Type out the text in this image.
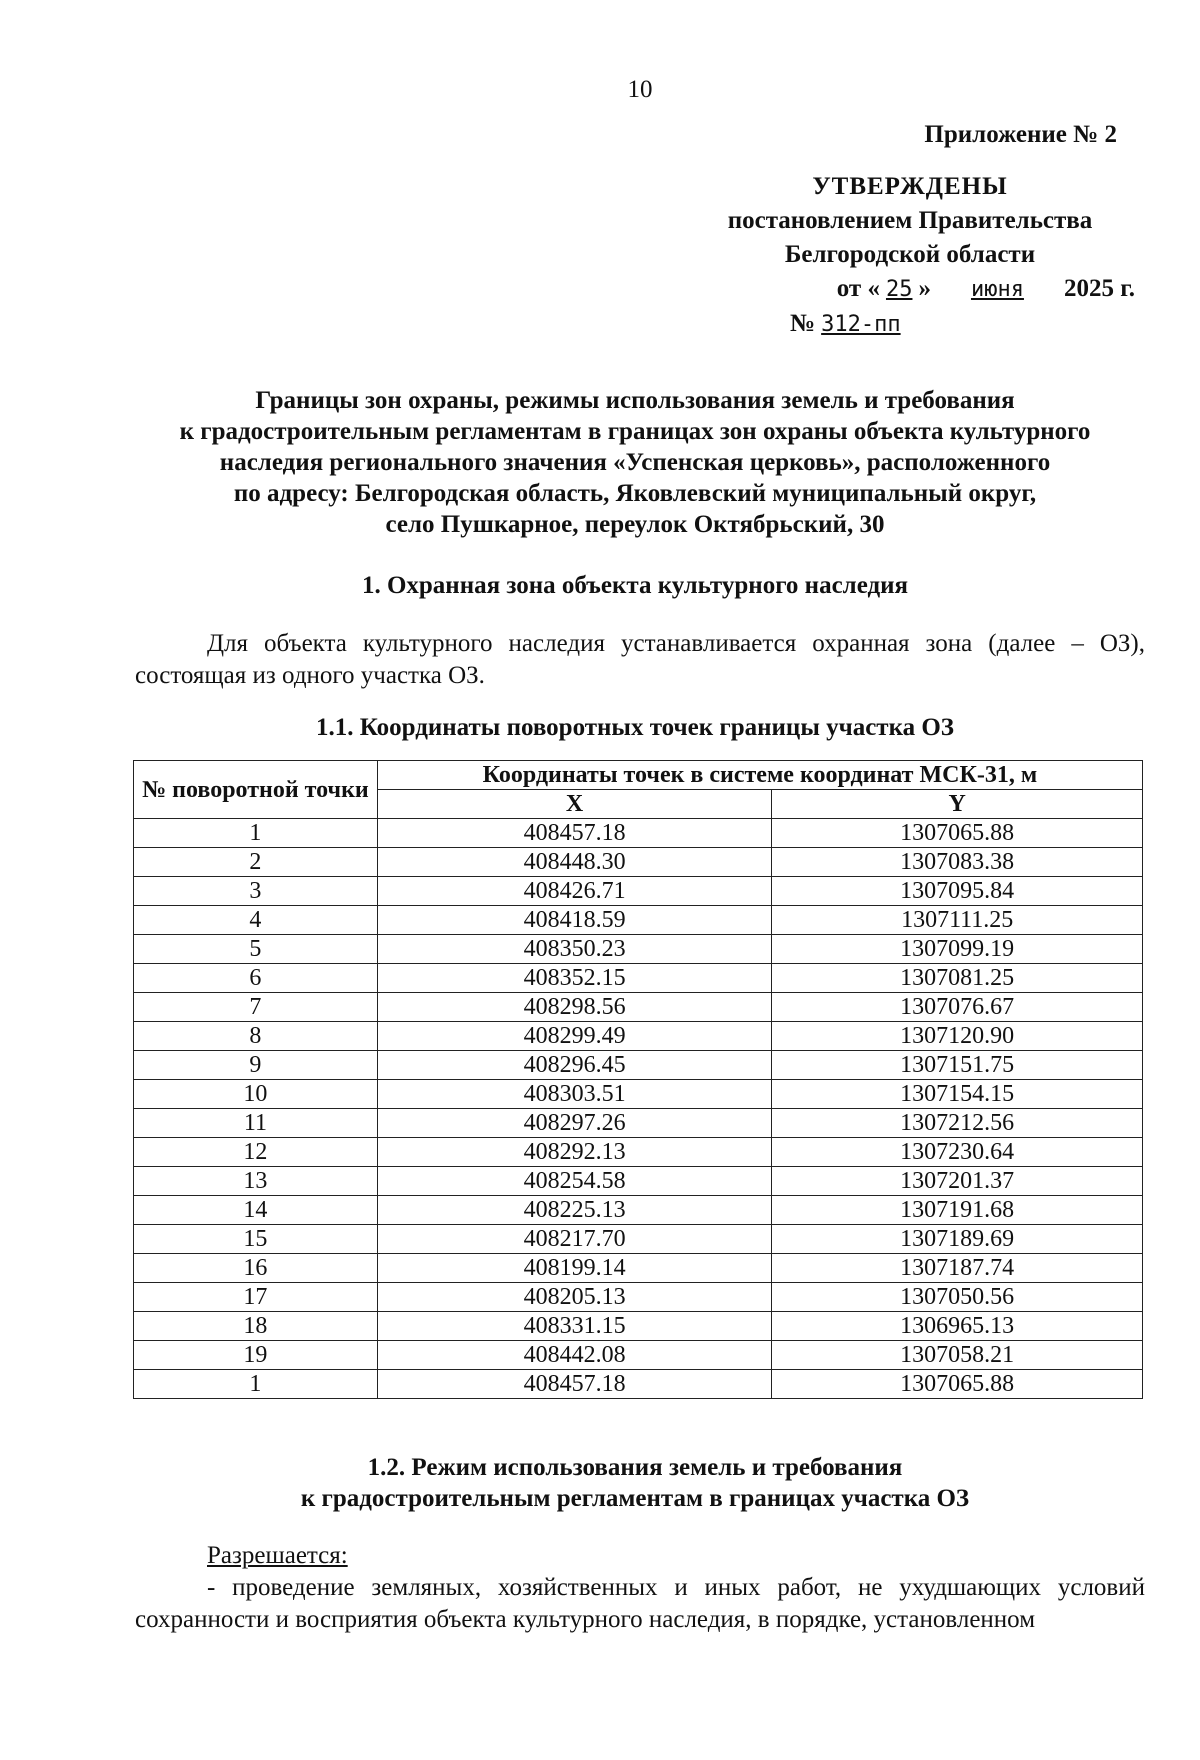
10
Приложение № 2
УТВЕРЖДЕНЫ
постановлением Правительства
Белгородской области
от « 25 » июня 2025 г.
№ 312-пп
Границы зон охраны, режимы использования земель и требования
к градостроительным регламентам в границах зон охраны объекта культурного
наследия регионального значения «Успенская церковь», расположенного
по адресу: Белгородская область, Яковлевский муниципальный округ,
село Пушкарное, переулок Октябрьский, 30
1. Охранная зона объекта культурного наследия
Для объекта культурного наследия устанавливается охранная зона (далее – ОЗ), состоящая из одного участка ОЗ.
1.1. Координаты поворотных точек границы участка ОЗ
№ поворотной точки	Координаты точек в системе координат МСК-31, м	
	X	Y
1	408457.18	1307065.88
2	408448.30	1307083.38
3	408426.71	1307095.84
4	408418.59	1307111.25
5	408350.23	1307099.19
6	408352.15	1307081.25
7	408298.56	1307076.67
8	408299.49	1307120.90
9	408296.45	1307151.75
10	408303.51	1307154.15
11	408297.26	1307212.56
12	408292.13	1307230.64
13	408254.58	1307201.37
14	408225.13	1307191.68
15	408217.70	1307189.69
16	408199.14	1307187.74
17	408205.13	1307050.56
18	408331.15	1306965.13
19	408442.08	1307058.21
1	408457.18	1307065.88
1.2. Режим использования земель и требования
к градостроительным регламентам в границах участка ОЗ
Разрешается:
- проведение земляных, хозяйственных и иных работ, не ухудшающих условий сохранности и восприятия объекта культурного наследия, в порядке, установленном
